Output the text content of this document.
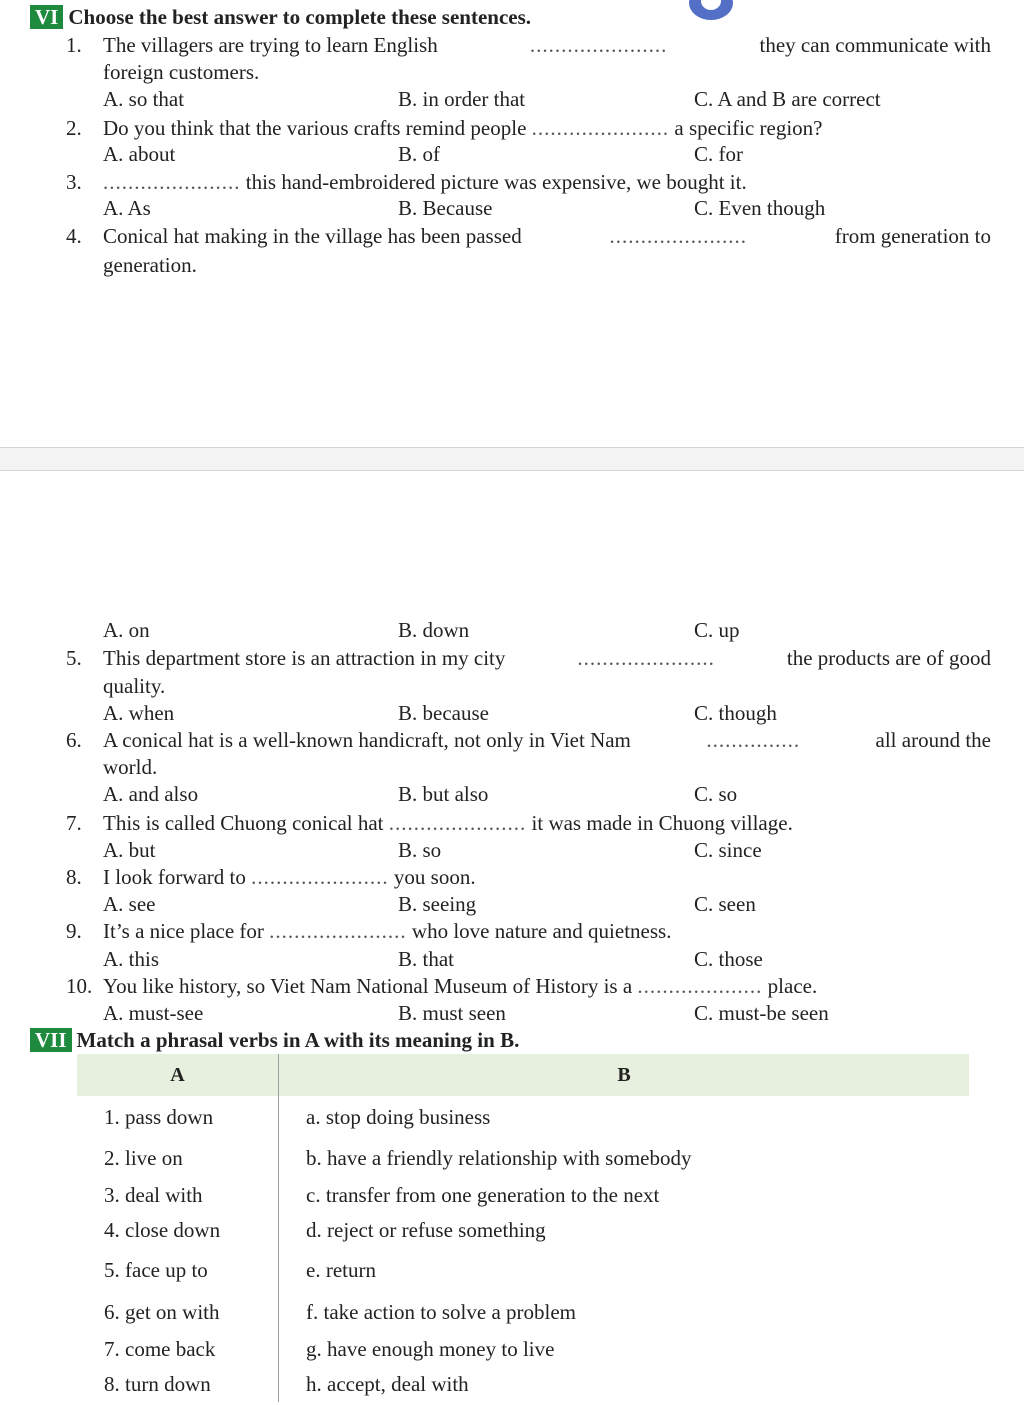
VI Choose the best answer to complete these sentences.
1. The villagers are trying to learn English	......................	they can communicate with
foreign customers.
A. so that	B. in order that	C. A and B are correct
2. Do you think that the various crafts remind people ...................... a specific region?
A. about	B. of	C. for
3. ...................... this hand-embroidered picture was expensive, we bought it.
A. As	B. Because	C. Even though
4. Conical hat making in the village has been passed	......................	from generation to
generation.
A. on	B. down	C. up
5. This department store is an attraction in my city	......................	the products are of good
quality.
A. when	B. because	C. though
6. A conical hat is a well-known handicraft, not only in Viet Nam	...............	all around the
world.
A. and also	B. but also	C. so
7. This is called Chuong conical hat ...................... it was made in Chuong village.
A. but	B. so	C. since
8. I look forward to ...................... you soon.
A. see	B. seeing	C. seen
9. It’s a nice place for ...................... who love nature and quietness.
A. this	B. that	C. those
10. You like history, so Viet Nam National Museum of History is a .................... place.
A. must-see	B. must seen	C. must-be seen
VII Match a phrasal verbs in A with its meaning in B.
A	B
1. pass down	a. stop doing business
2. live on	b. have a friendly relationship with somebody
3. deal with	c. transfer from one generation to the next
4. close down	d. reject or refuse something
5. face up to	e. return
6. get on with	f. take action to solve a problem
7. come back	g. have enough money to live
8. turn down	h. accept, deal with
